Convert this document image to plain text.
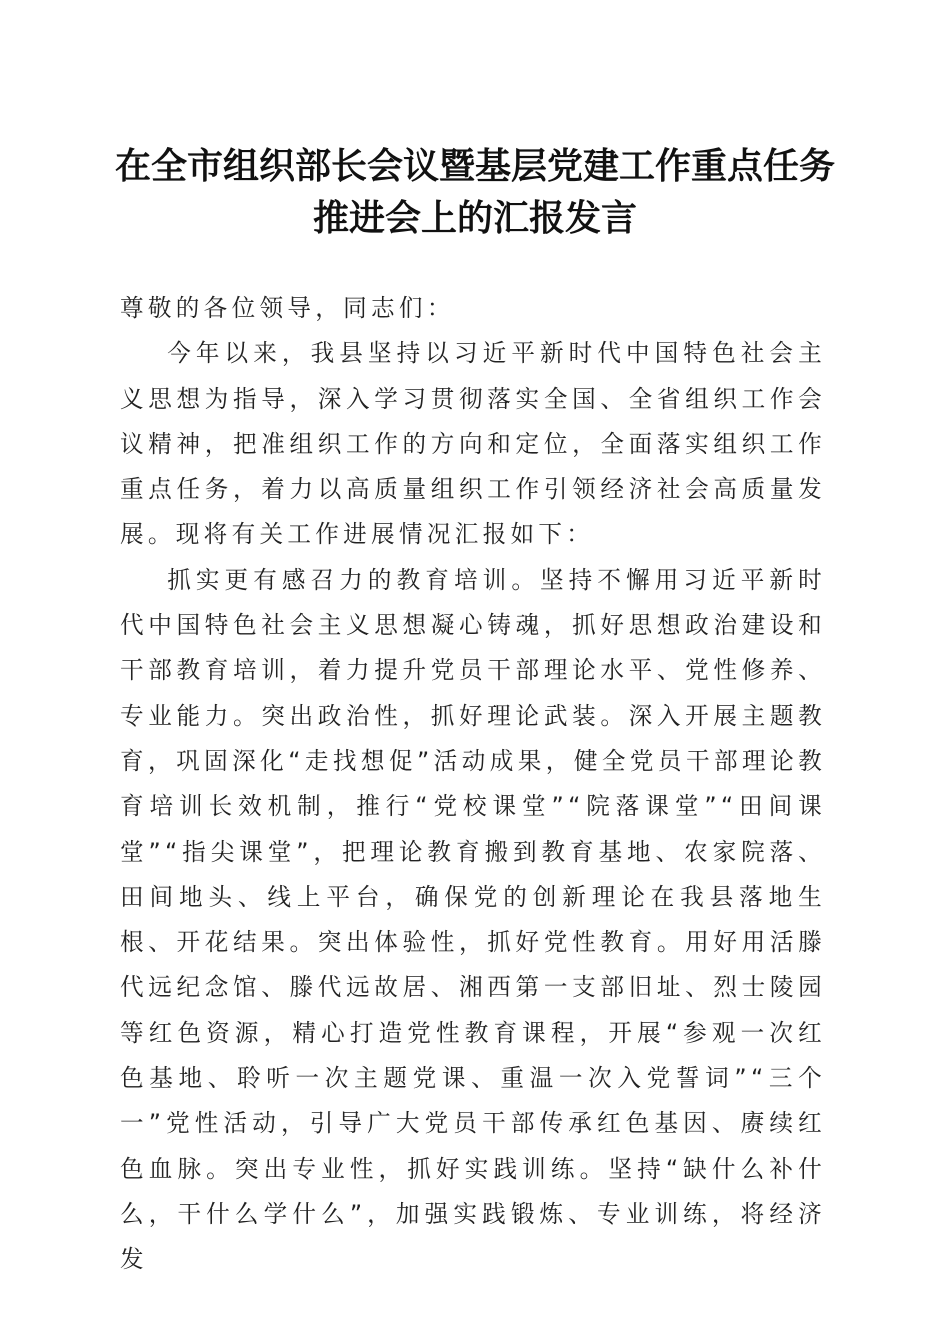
在全市组织部长会议暨基层党建工作重点任务
推进会上的汇报发言

尊敬的各位领导，同志们：

今年以来，我县坚持以习近平新时代中国特色社会主义思想为指导，深入学习贯彻落实全国、全省组织工作会议精神，把准组织工作的方向和定位，全面落实组织工作重点任务，着力以高质量组织工作引领经济社会高质量发展。现将有关工作进展情况汇报如下：

抓实更有感召力的教育培训。坚持不懈用习近平新时代中国特色社会主义思想凝心铸魂，抓好思想政治建设和干部教育培训，着力提升党员干部理论水平、党性修养、专业能力。突出政治性，抓好理论武装。深入开展主题教育，巩固深化“走找想促”活动成果，健全党员干部理论教育培训长效机制，推行“党校课堂”“院落课堂”“田间课堂”“指尖课堂”，把理论教育搬到教育基地、农家院落、田间地头、线上平台，确保党的创新理论在我县落地生根、开花结果。突出体验性，抓好党性教育。用好用活滕代远纪念馆、滕代远故居、湘西第一支部旧址、烈士陵园等红色资源，精心打造党性教育课程，开展“参观一次红色基地、聆听一次主题党课、重温一次入党誓词”“三个一”党性活动，引导广大党员干部传承红色基因、赓续红色血脉。突出专业性，抓好实践训练。坚持“缺什么补什么，干什么学什么”，加强实践锻炼、专业训练，将经济发
